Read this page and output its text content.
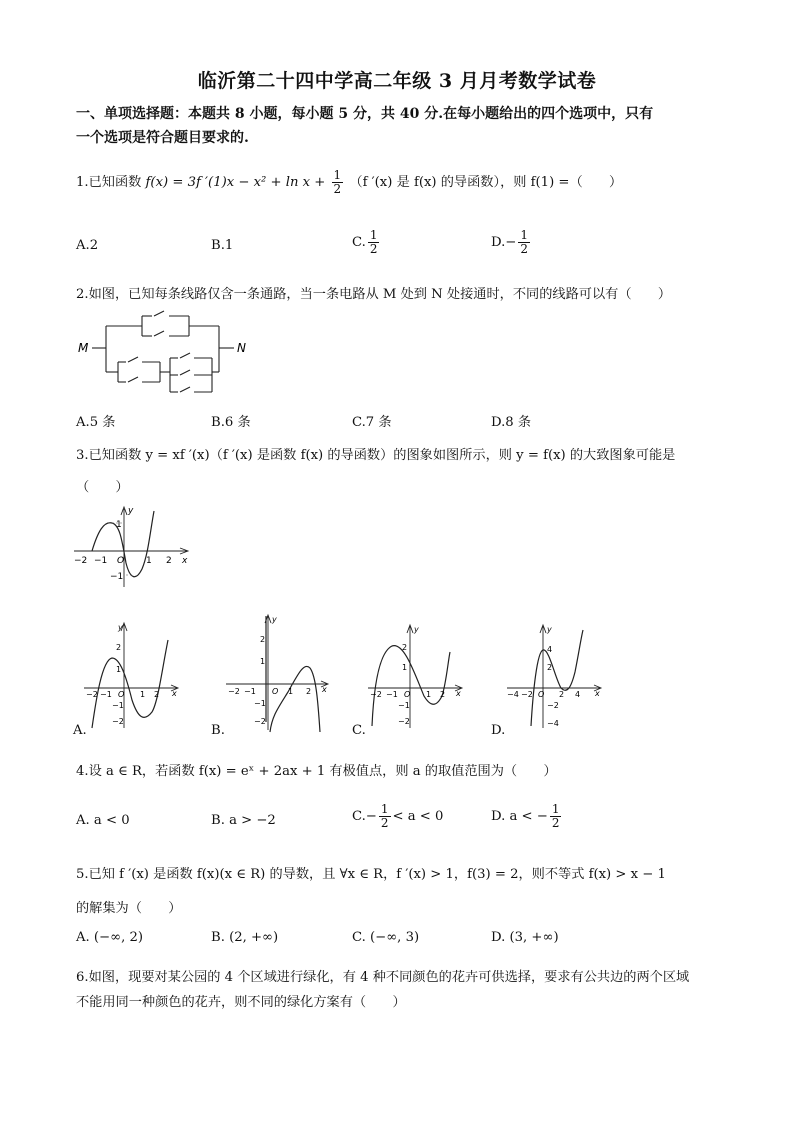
临沂第二十四中学高二年级 3 月月考数学试卷
一、单项选择题：本题共 8 小题，每小题 5 分，共 40 分.在每小题给出的四个选项中，只有
一个选项是符合题目要求的.
1.已知函数 f(x) = 3f $'(1)x - x^2 + \ln x + \frac{1}{2} (f$ ′(x) 是 f(x) 的导函数），则 f(1) =（　　）
A.2	B.1	C. $\frac{1}{2}$	$D.- \frac{1}{2}$
2.如图，已知每条线路仅含一条通路，当一条电路从 M 处到 N 处接通时，不同的线路可以有（　　）
M	N
A.5 条	B.6 条	C.7 条	D.8 条
3.已知函数 y = xf ′(x)（f ′(x) 是函数 f(x) 的导函数）的图象如图所示，则 y = f(x) 的大致图象可能是
（　　）
y
x
O
−2 −1	1 2
1
−1
y
x
O
−2 −1	1 2
2
1
−1
−2
A.
y
x
O
−2 −1	1 2
2
1
−1
−2
B.
y
x
O
−2 −1	1 2
2
1
−1
−2
C.
y
x
O
−4 −2	2 4
4
2
−2
−4
D.
4.设 a ∈ R，若函数 f(x) = eˣ + 2ax + 1 有极值点，则 a 的取值范围为（　　）
A. a < 0	B. a > −2	$C.- \frac{1}{2} < a < 0$	D. a < − $\frac{1}{2}$
5.已知 f ′(x) 是函数 f(x)(x ∈ R) 的导数，且 ∀x ∈ R，f ′(x) > 1，f(3) = 2，则不等式 f(x) > x − 1
的解集为（　　）
A. (−∞, 2)	B. (2, +∞)	C. (−∞, 3)	D. (3, +∞)
6.如图，现要对某公园的 4 个区域进行绿化，有 4 种不同颜色的花卉可供选择，要求有公共边的两个区域
不能用同一种颜色的花卉，则不同的绿化方案有（　　）
